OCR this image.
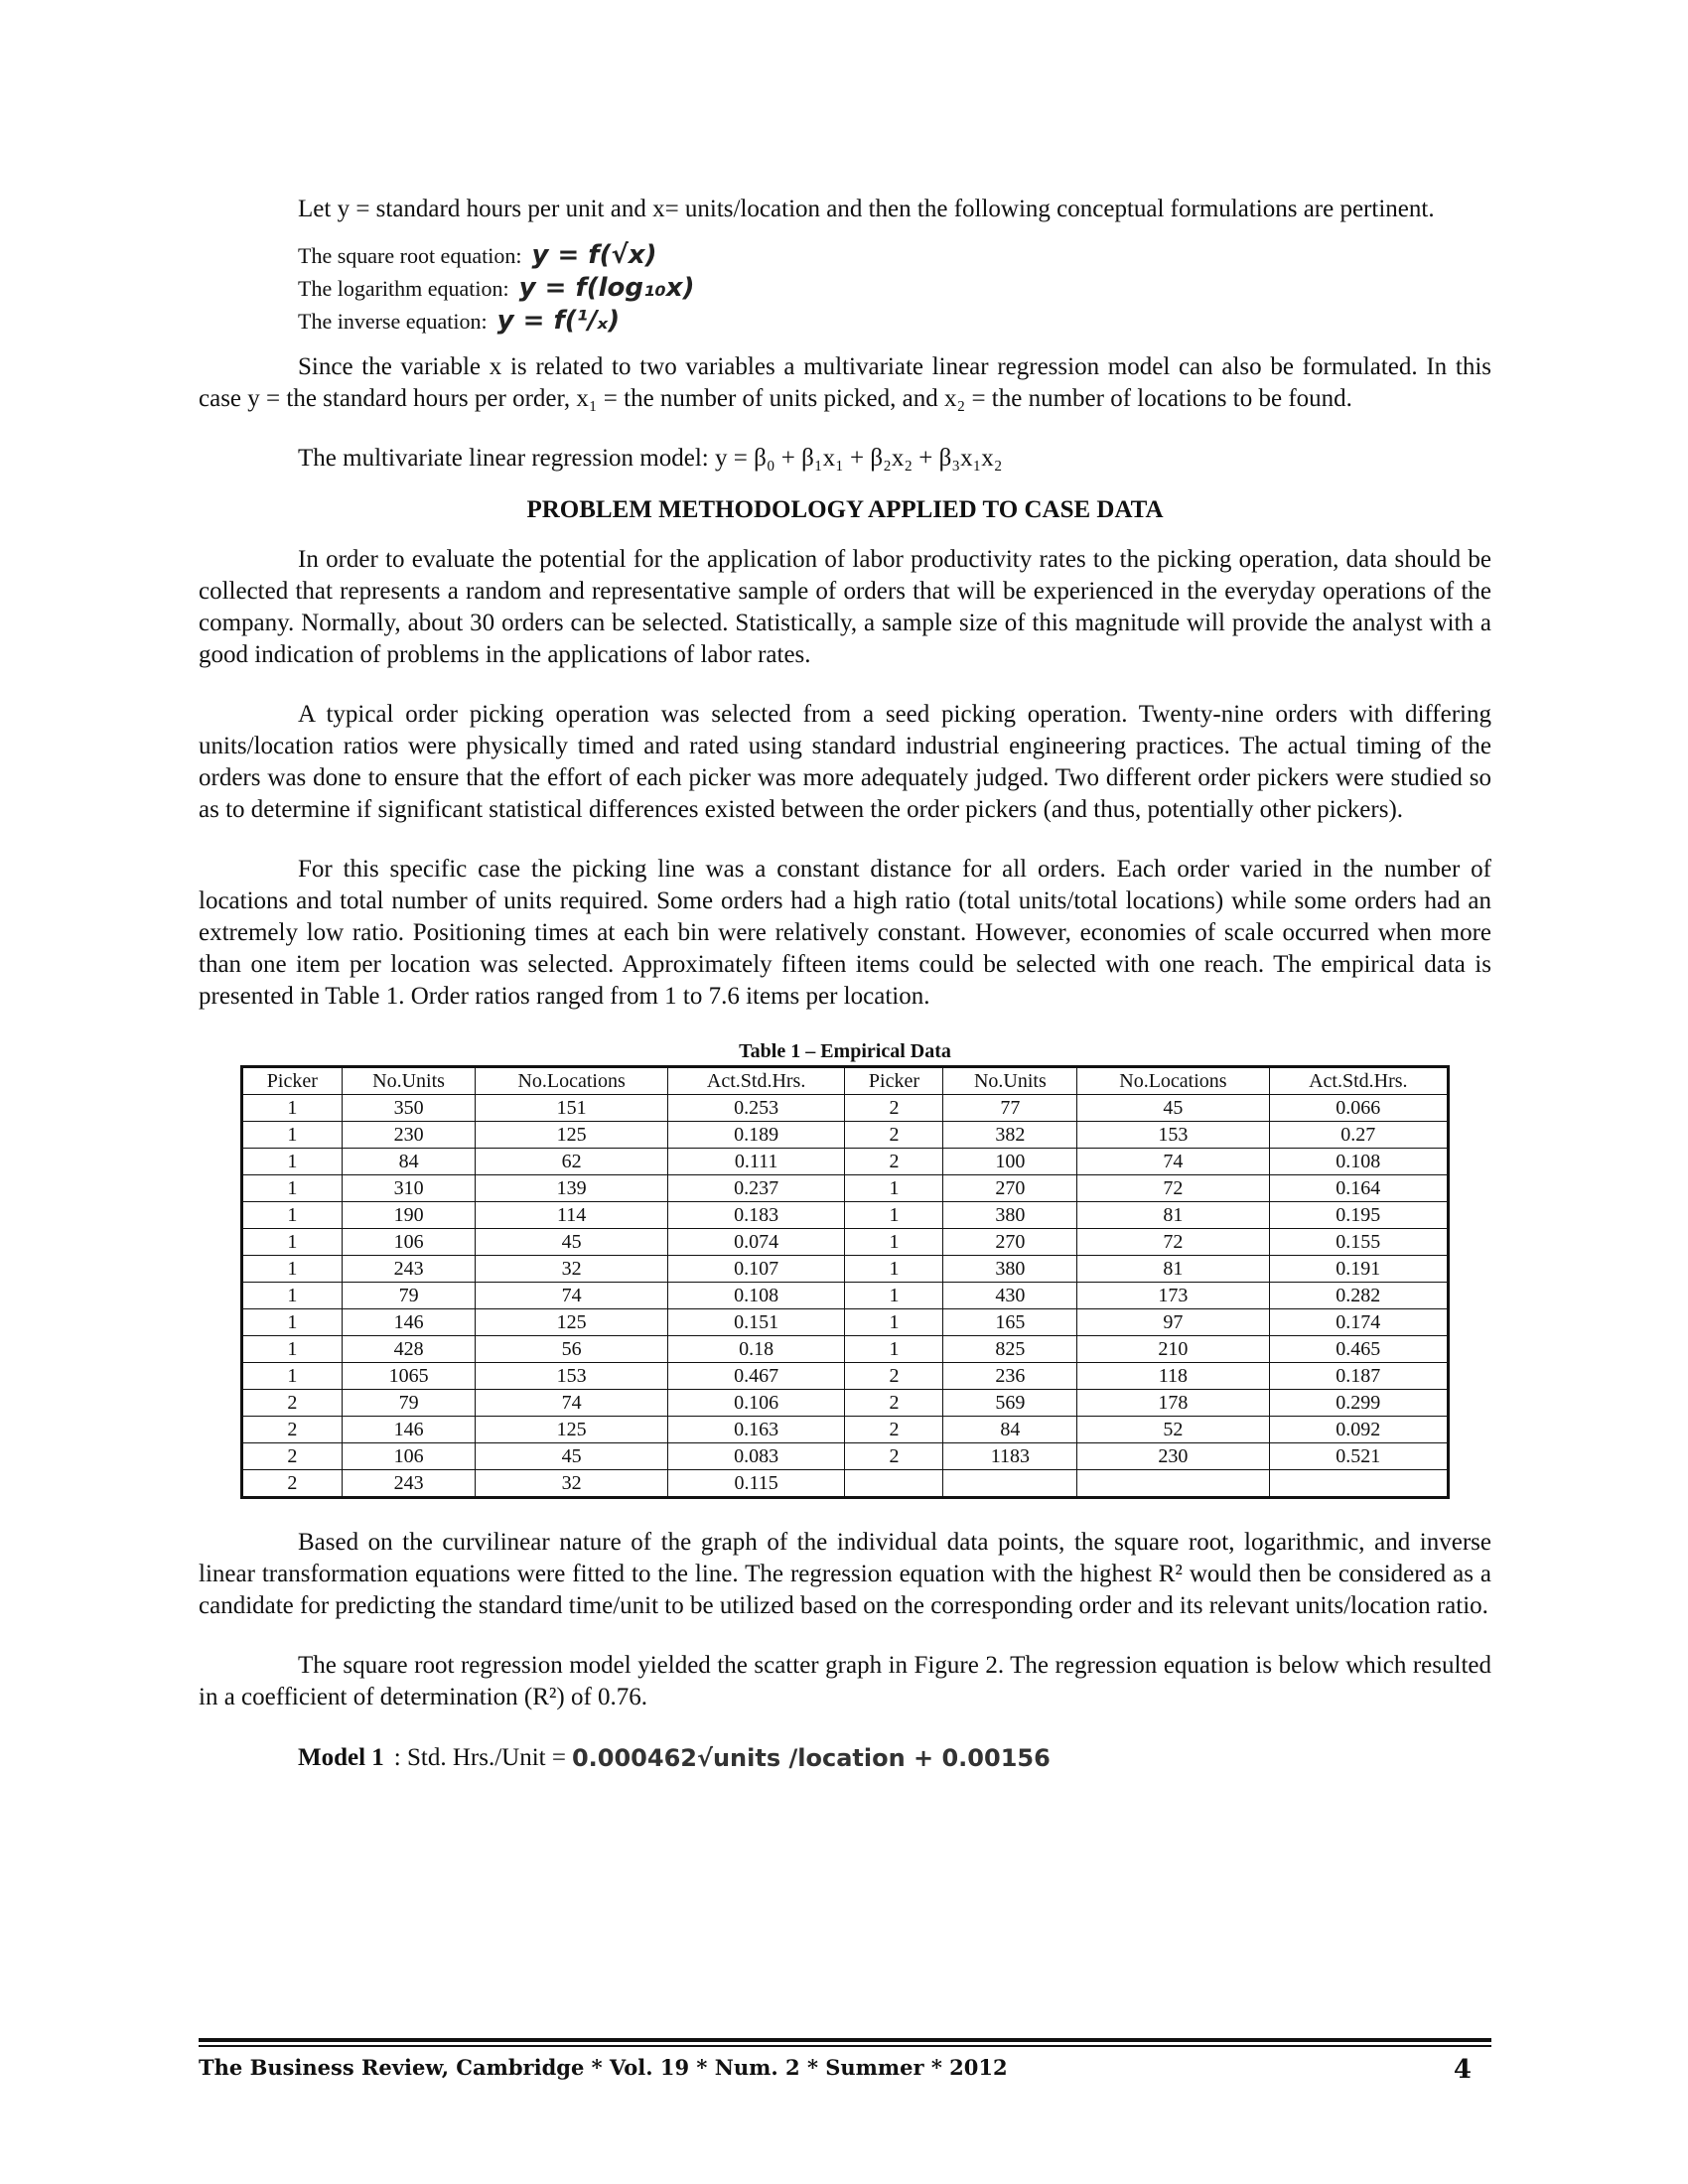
Let y = standard hours per unit and x= units/location and then the following conceptual formulations are pertinent.

The square root equation: y = f(√x)
The logarithm equation: y = f(log₁₀x)
The inverse equation: y = f(¹/ₓ)

Since the variable x is related to two variables a multivariate linear regression model can also be formulated. In this case y = the standard hours per order, x₁ = the number of units picked, and x₂ = the number of locations to be found.

The multivariate linear regression model: y = β₀ + β₁x₁ + β₂x₂ + β₃x₁x₂

PROBLEM METHODOLOGY APPLIED TO CASE DATA

In order to evaluate the potential for the application of labor productivity rates to the picking operation, data should be collected that represents a random and representative sample of orders that will be experienced in the everyday operations of the company. Normally, about 30 orders can be selected. Statistically, a sample size of this magnitude will provide the analyst with a good indication of problems in the applications of labor rates.

A typical order picking operation was selected from a seed picking operation. Twenty-nine orders with differing units/location ratios were physically timed and rated using standard industrial engineering practices. The actual timing of the orders was done to ensure that the effort of each picker was more adequately judged. Two different order pickers were studied so as to determine if significant statistical differences existed between the order pickers (and thus, potentially other pickers).

For this specific case the picking line was a constant distance for all orders. Each order varied in the number of locations and total number of units required. Some orders had a high ratio (total units/total locations) while some orders had an extremely low ratio. Positioning times at each bin were relatively constant. However, economies of scale occurred when more than one item per location was selected. Approximately fifteen items could be selected with one reach. The empirical data is presented in Table 1. Order ratios ranged from 1 to 7.6 items per location.

Table 1 – Empirical Data
Picker	No.Units	No.Locations	Act.Std.Hrs.	Picker	No.Units	No.Locations	Act.Std.Hrs.
1	350	151	0.253	2	77	45	0.066
1	230	125	0.189	2	382	153	0.27
1	84	62	0.111	2	100	74	0.108
1	310	139	0.237	1	270	72	0.164
1	190	114	0.183	1	380	81	0.195
1	106	45	0.074	1	270	72	0.155
1	243	32	0.107	1	380	81	0.191
1	79	74	0.108	1	430	173	0.282
1	146	125	0.151	1	165	97	0.174
1	428	56	0.18	1	825	210	0.465
1	1065	153	0.467	2	236	118	0.187
2	79	74	0.106	2	569	178	0.299
2	146	125	0.163	2	84	52	0.092
2	106	45	0.083	2	1183	230	0.521
2	243	32	0.115				

Based on the curvilinear nature of the graph of the individual data points, the square root, logarithmic, and inverse linear transformation equations were fitted to the line. The regression equation with the highest R² would then be considered as a candidate for predicting the standard time/unit to be utilized based on the corresponding order and its relevant units/location ratio.

The square root regression model yielded the scatter graph in Figure 2. The regression equation is below which resulted in a coefficient of determination (R²) of 0.76.

Model 1 : Std. Hrs./Unit = 0.000462√units /location + 0.00156
The Business Review, Cambridge * Vol. 19 * Num. 2 * Summer * 2012	4
